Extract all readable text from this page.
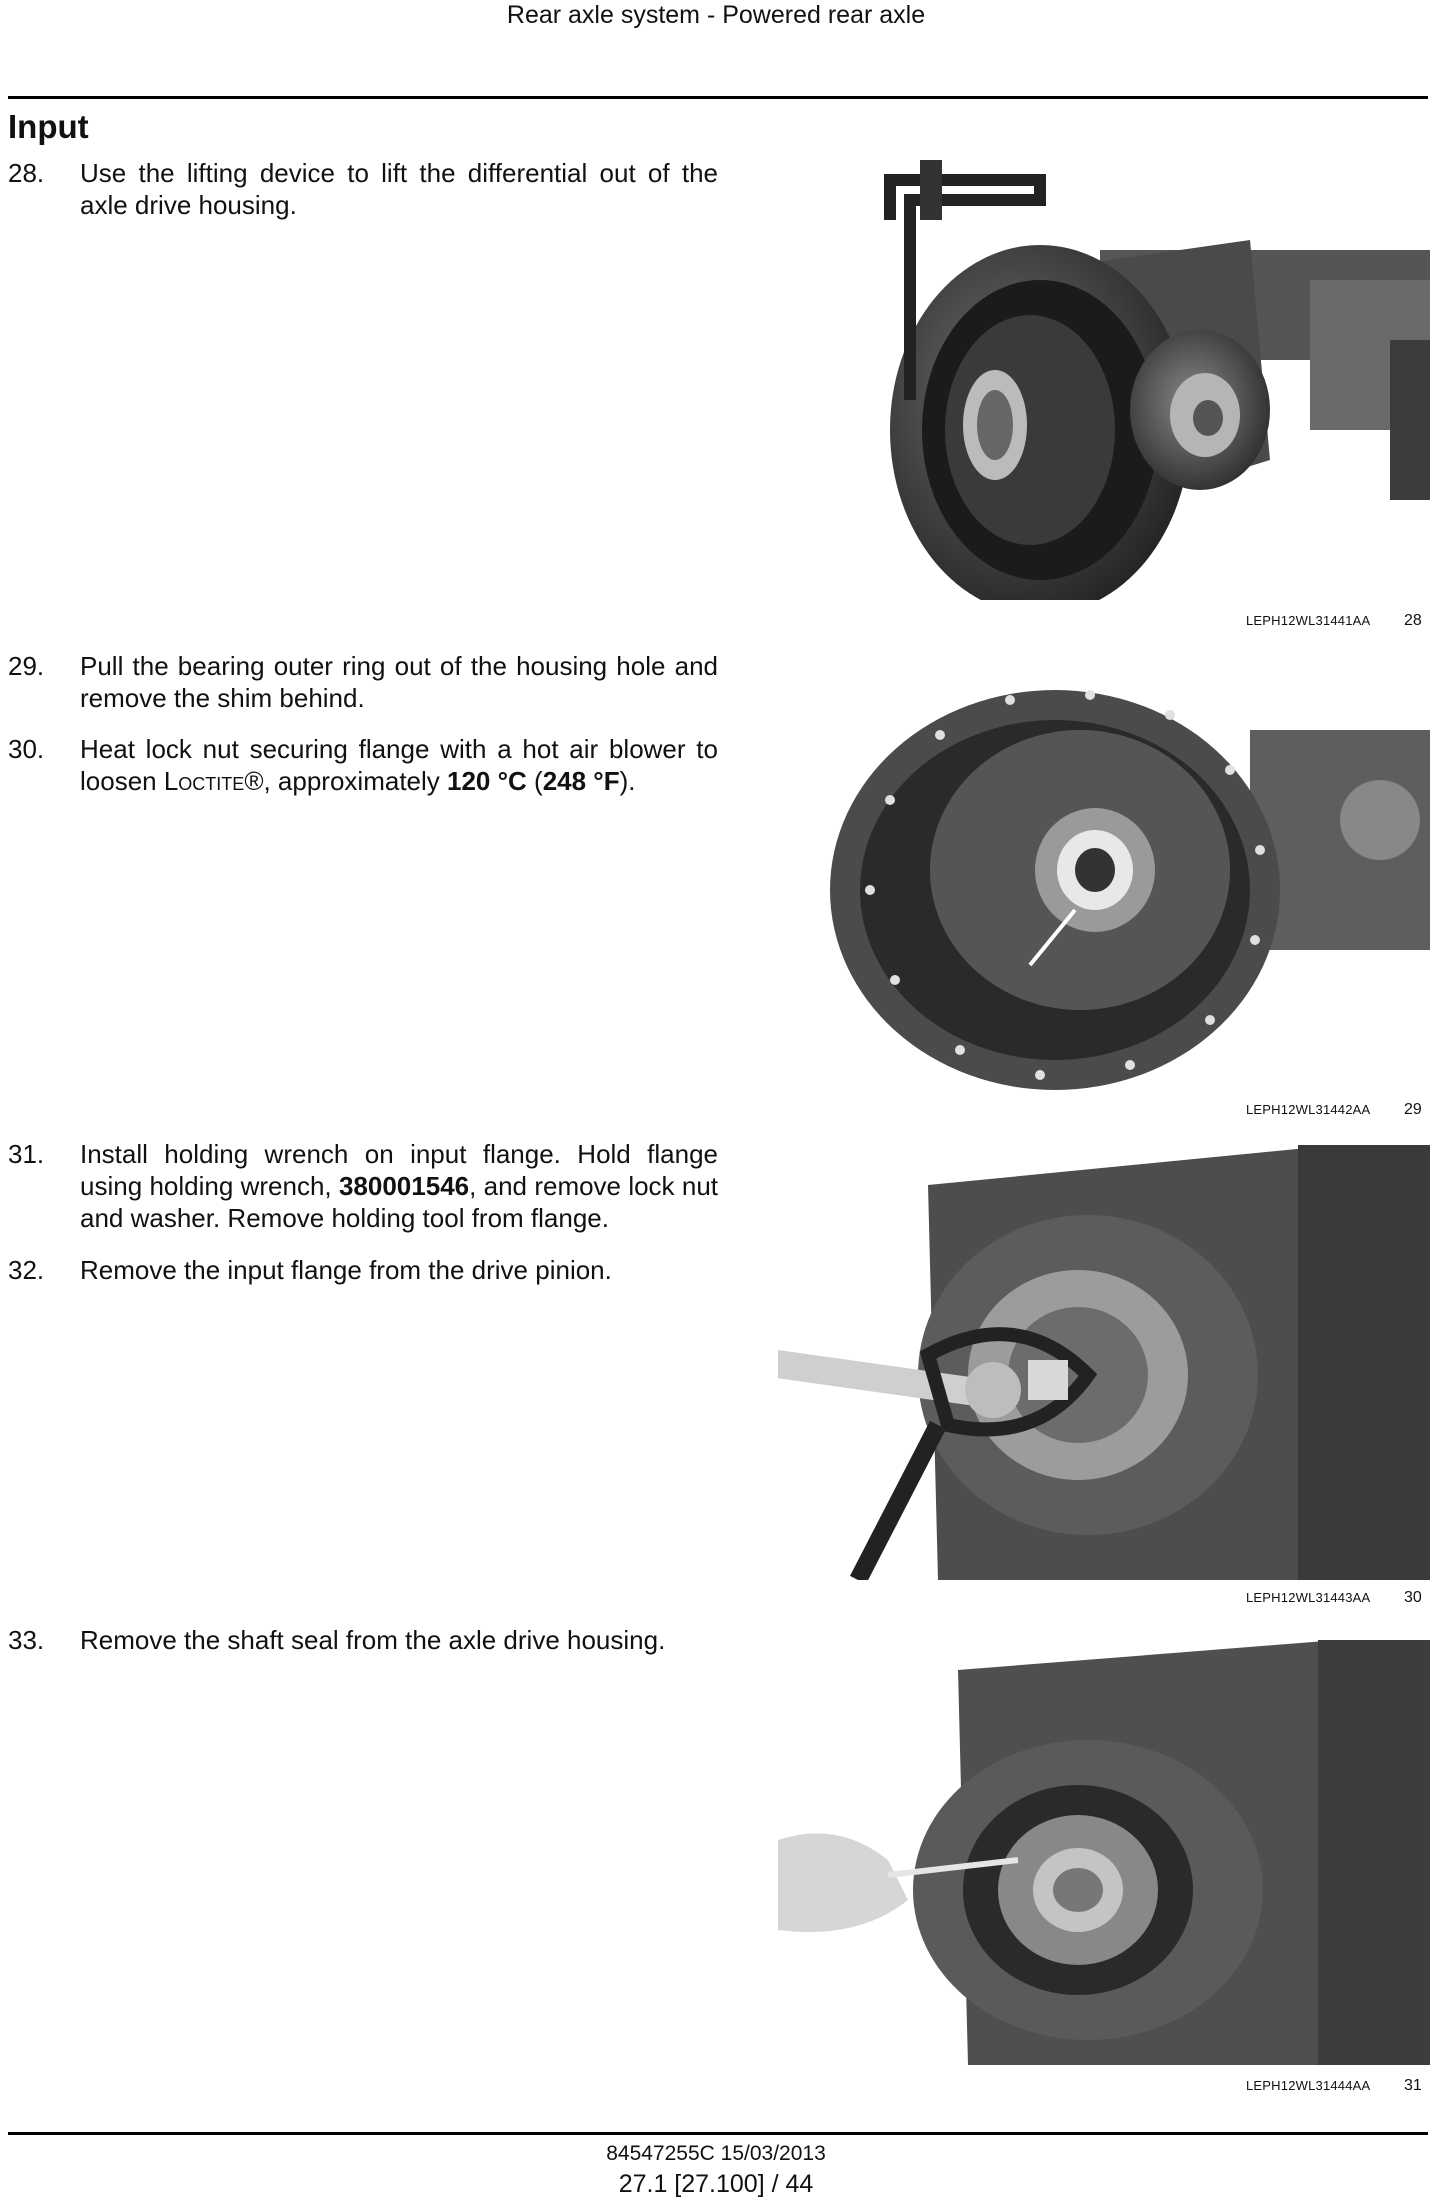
Rear axle system - Powered rear axle
Input
28.	Use the lifting device to lift the differential out of the axle drive housing.
LEPH12WL31441AA 28
29.	Pull the bearing outer ring out of the housing hole and remove the shim behind.
30.	Heat lock nut securing flange with a hot air blower to loosen Loctite®, approximately 120 °C (248 °F).
LEPH12WL31442AA 29
31.	Install holding wrench on input flange. Hold flange using holding wrench, 380001546, and remove lock nut and washer. Remove holding tool from flange.
32.	Remove the input flange from the drive pinion.
LEPH12WL31443AA 30
33.	Remove the shaft seal from the axle drive housing.
LEPH12WL31444AA 31
84547255C 15/03/2013
27.1 [27.100] / 44
